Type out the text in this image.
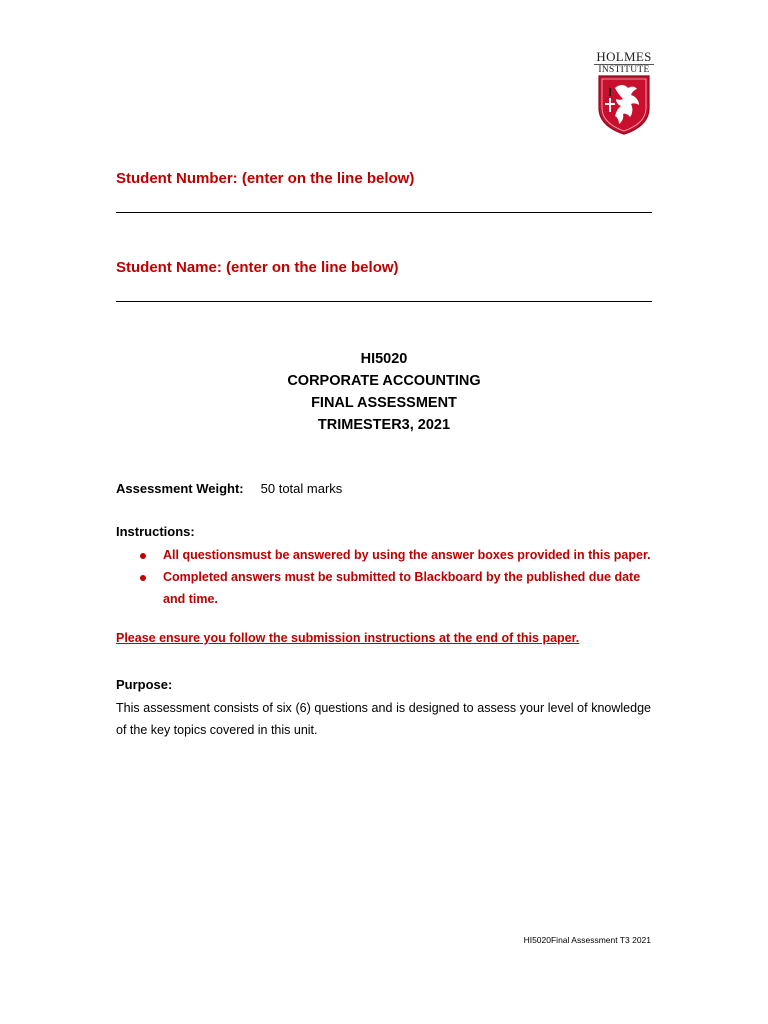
HOLMES
INSTITUTE
Student Number: (enter on the line below)
Student Name: (enter on the line below)
HI5020
CORPORATE ACCOUNTING
FINAL ASSESSMENT
TRIMESTER3, 2021
Assessment Weight: 50 total marks
Instructions:
All questionsmust be answered by using the answer boxes provided in this paper.
Completed answers must be submitted to Blackboard by the published due date and time.
Please ensure you follow the submission instructions at the end of this paper.
Purpose:
This assessment consists of six (6) questions and is designed to assess your level of knowledge of the key topics covered in this unit.
HI5020Final Assessment T3 2021
